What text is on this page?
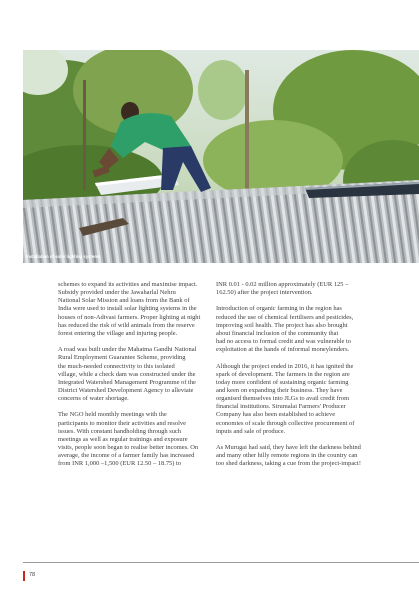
Installation of solar lighting systems

schemes to expand its activities and maximise impact.
Subsidy provided under the Jawaharlal Nehru
National Solar Mission and loans from the Bank of
India were used to install solar lighting systems in the
houses of non-Adivasi farmers. Proper lighting at night
has reduced the risk of wild animals from the reserve
forest entering the village and injuring people.

A road was built under the Mahatma Gandhi National
Rural Employment Guarantee Scheme, providing
the much-needed connectivity to this isolated
village, while a check dam was constructed under the
Integrated Watershed Management Programme of the
District Watershed Development Agency to alleviate
concerns of water shortage.

The NGO held monthly meetings with the
participants to monitor their activities and resolve
issues. With constant handholding through such
meetings as well as regular trainings and exposure
visits, people soon began to realise better incomes. On
average, the income of a farmer family has increased
from INR 1,000 –1,500 (EUR 12.50 – 18.75) to

INR 0.01 - 0.02 million approximately (EUR 125 –
162.50) after the project intervention.

Introduction of organic farming in the region has
reduced the use of chemical fertilisers and pesticides,
improving soil health. The project has also brought
about financial inclusion of the community that
had no access to formal credit and was vulnerable to
exploitation at the hands of informal moneylenders.

Although the project ended in 2016, it has ignited the
spark of development. The farmers in the region are
today more confident of sustaining organic farming
and keen on expanding their business. They have
organised themselves into JLGs to avail credit from
financial institutions. Sirumalai Farmers' Producer
Company has also been established to achieve
economies of scale through collective procurement of
inputs and sale of produce.

As Murugai had said, they have left the darkness behind
and many other hilly remote regions in the country can
too shed darkness, taking a cue from the project-impact!

78
